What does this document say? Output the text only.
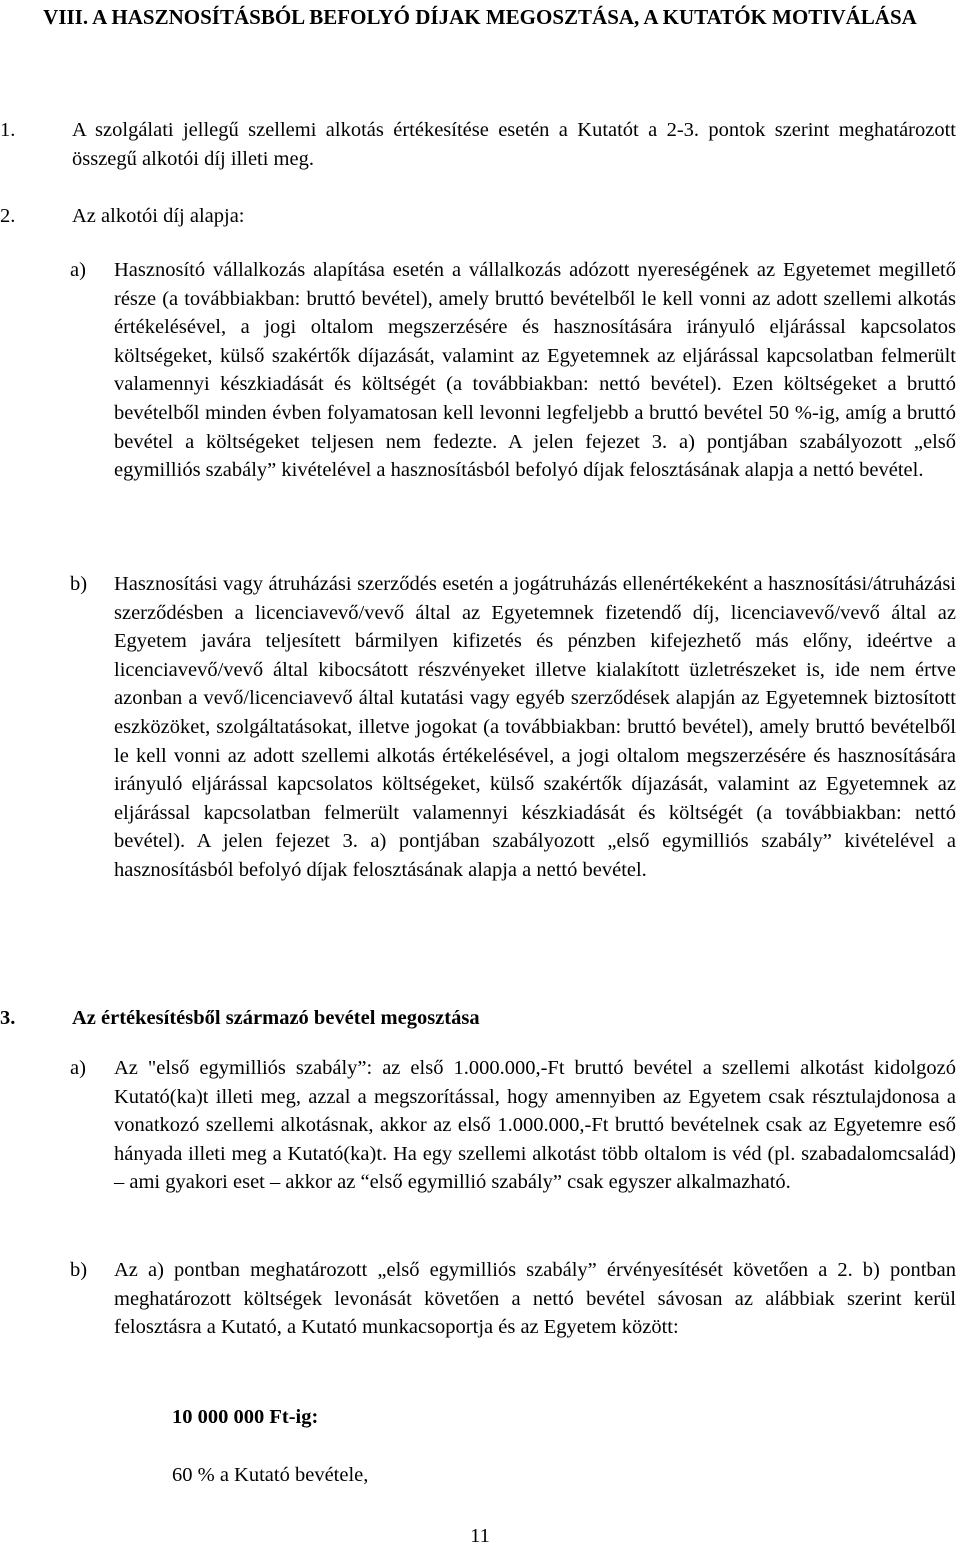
VIII. A HASZNOSÍTÁSBÓL BEFOLYÓ DÍJAK MEGOSZTÁSA, A KUTATÓK MOTIVÁLÁSA
1.	A szolgálati jellegű szellemi alkotás értékesítése esetén a Kutatót a 2-3. pontok szerint meghatározott összegű alkotói díj illeti meg.
2.	Az alkotói díj alapja:
a)	Hasznosító vállalkozás alapítása esetén a vállalkozás adózott nyereségének az Egyetemet megillető része (a továbbiakban: bruttó bevétel), amely bruttó bevételből le kell vonni az adott szellemi alkotás értékelésével, a jogi oltalom megszerzésére és hasznosítására irányuló eljárással kapcsolatos költségeket, külső szakértők díjazását, valamint az Egyetemnek az eljárással kapcsolatban felmerült valamennyi készkiadását és költségét (a továbbiakban: nettó bevétel). Ezen költségeket a bruttó bevételből minden évben folyamatosan kell levonni legfeljebb a bruttó bevétel 50 %-ig, amíg a bruttó bevétel a költségeket teljesen nem fedezte. A jelen fejezet 3. a) pontjában szabályozott „első egymilliós szabály” kivételével a hasznosításból befolyó díjak felosztásának alapja a nettó bevétel.
b)	Hasznosítási vagy átruházási szerződés esetén a jogátruházás ellenértékeként a hasznosítási/átruházási szerződésben a licenciavevő/vevő által az Egyetemnek fizetendő díj, licenciavevő/vevő által az Egyetem javára teljesített bármilyen kifizetés és pénzben kifejezhető más előny, ideértve a licenciavevő/vevő által kibocsátott részvényeket illetve kialakított üzletrészeket is, ide nem értve azonban a vevő/licenciavevő által kutatási vagy egyéb szerződések alapján az Egyetemnek biztosított eszközöket, szolgáltatásokat, illetve jogokat (a továbbiakban: bruttó bevétel), amely bruttó bevételből le kell vonni az adott szellemi alkotás értékelésével, a jogi oltalom megszerzésére és hasznosítására irányuló eljárással kapcsolatos költségeket, külső szakértők díjazását, valamint az Egyetemnek az eljárással kapcsolatban felmerült valamennyi készkiadását és költségét (a továbbiakban: nettó bevétel). A jelen fejezet 3. a) pontjában szabályozott „első egymilliós szabály” kivételével a hasznosításból befolyó díjak felosztásának alapja a nettó bevétel.
3.	Az értékesítésből származó bevétel megosztása
a)	Az "első egymilliós szabály”: az első 1.000.000,-Ft bruttó bevétel a szellemi alkotást kidolgozó Kutató(ka)t illeti meg, azzal a megszorítással, hogy amennyiben az Egyetem csak résztulajdonosa a vonatkozó szellemi alkotásnak, akkor az első 1.000.000,-Ft bruttó bevételnek csak az Egyetemre eső hányada illeti meg a Kutató(ka)t. Ha egy szellemi alkotást több oltalom is véd (pl. szabadalomcsalád) – ami gyakori eset – akkor az “első egymillió szabály” csak egyszer alkalmazható.
b)	Az a) pontban meghatározott „első egymilliós szabály” érvényesítését követően a 2. b) pontban meghatározott költségek levonását követően a nettó bevétel sávosan az alábbiak szerint kerül felosztásra a Kutató, a Kutató munkacsoportja és az Egyetem között:
10 000 000 Ft-ig:
60 % a Kutató bevétele,
11
